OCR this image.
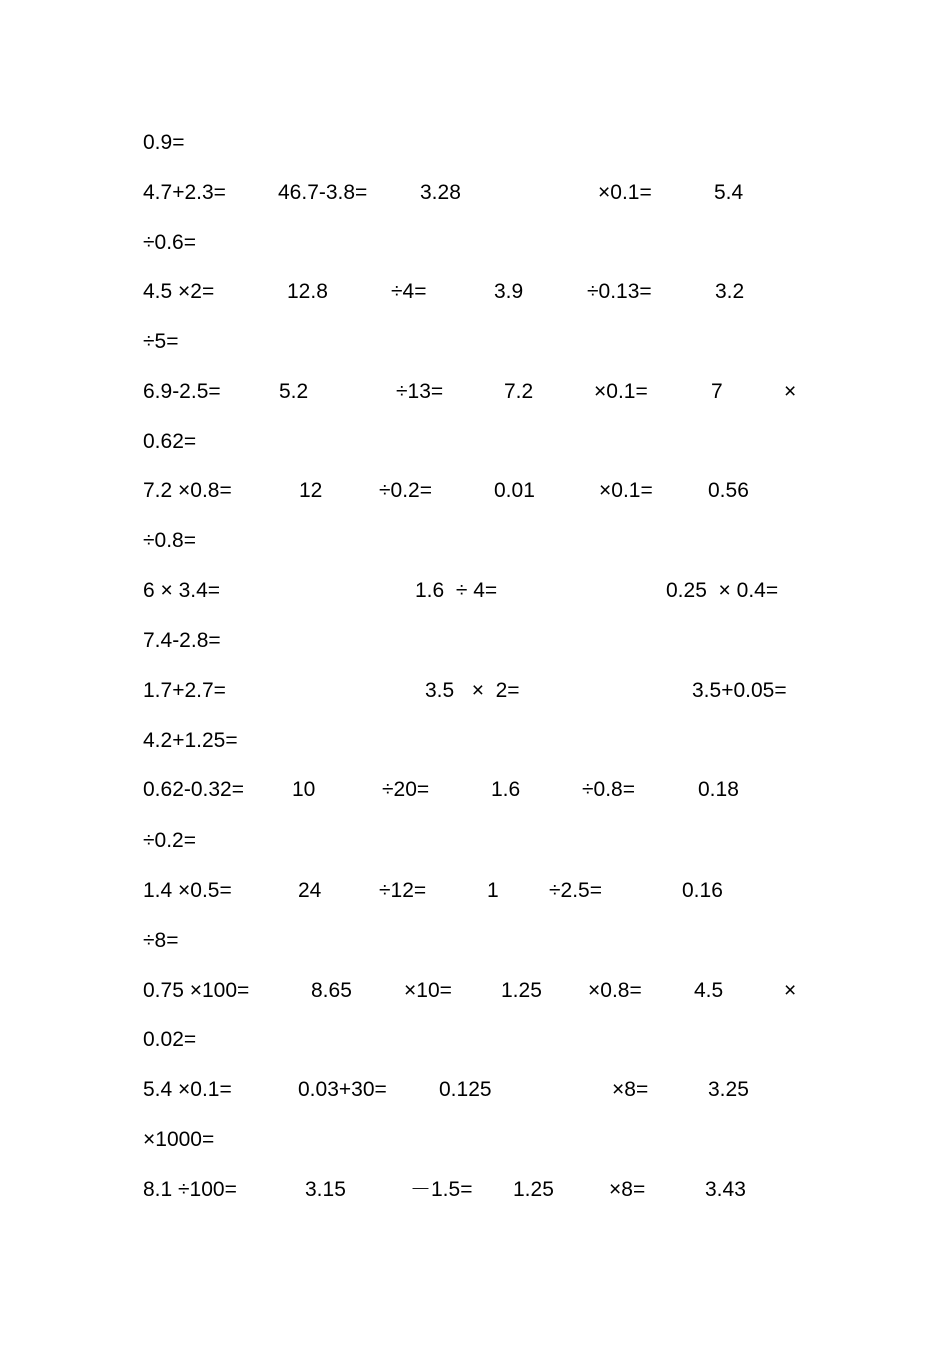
0.9=
4.7+2.3= 46.7-3.8=	3.28	×0.1=	5.4
÷0.6=
4.5 ×2=	12.8	÷4=	3.9	÷0.13=	3.2
÷5=
6.9-2.5=	5.2	÷13=	7.2	×0.1=	7	×
0.62=
7.2 ×0.8=	12	÷0.2=	0.01	×0.1=	0.56
÷0.8=
6 × 3.4=	1.6  ÷ 4=	0.25  × 0.4=
7.4-2.8=
1.7+2.7=	3.5   ×  2=	3.5+0.05=
4.2+1.25=
0.62-0.32= 10	÷20=	1.6	÷0.8=	0.18
÷0.2=
1.4 ×0.5=	24	÷12=	1 ÷2.5=	0.16
÷8=
0.75 ×100=	8.65 ×10= 1.25 ×0.8= 4.5	×
0.02=
5.4 ×0.1=	0.03+30= 0.125	×8=	3.25
×1000=
8.1 ÷100=	3.15	－1.5= 1.25	×8=	3.43
